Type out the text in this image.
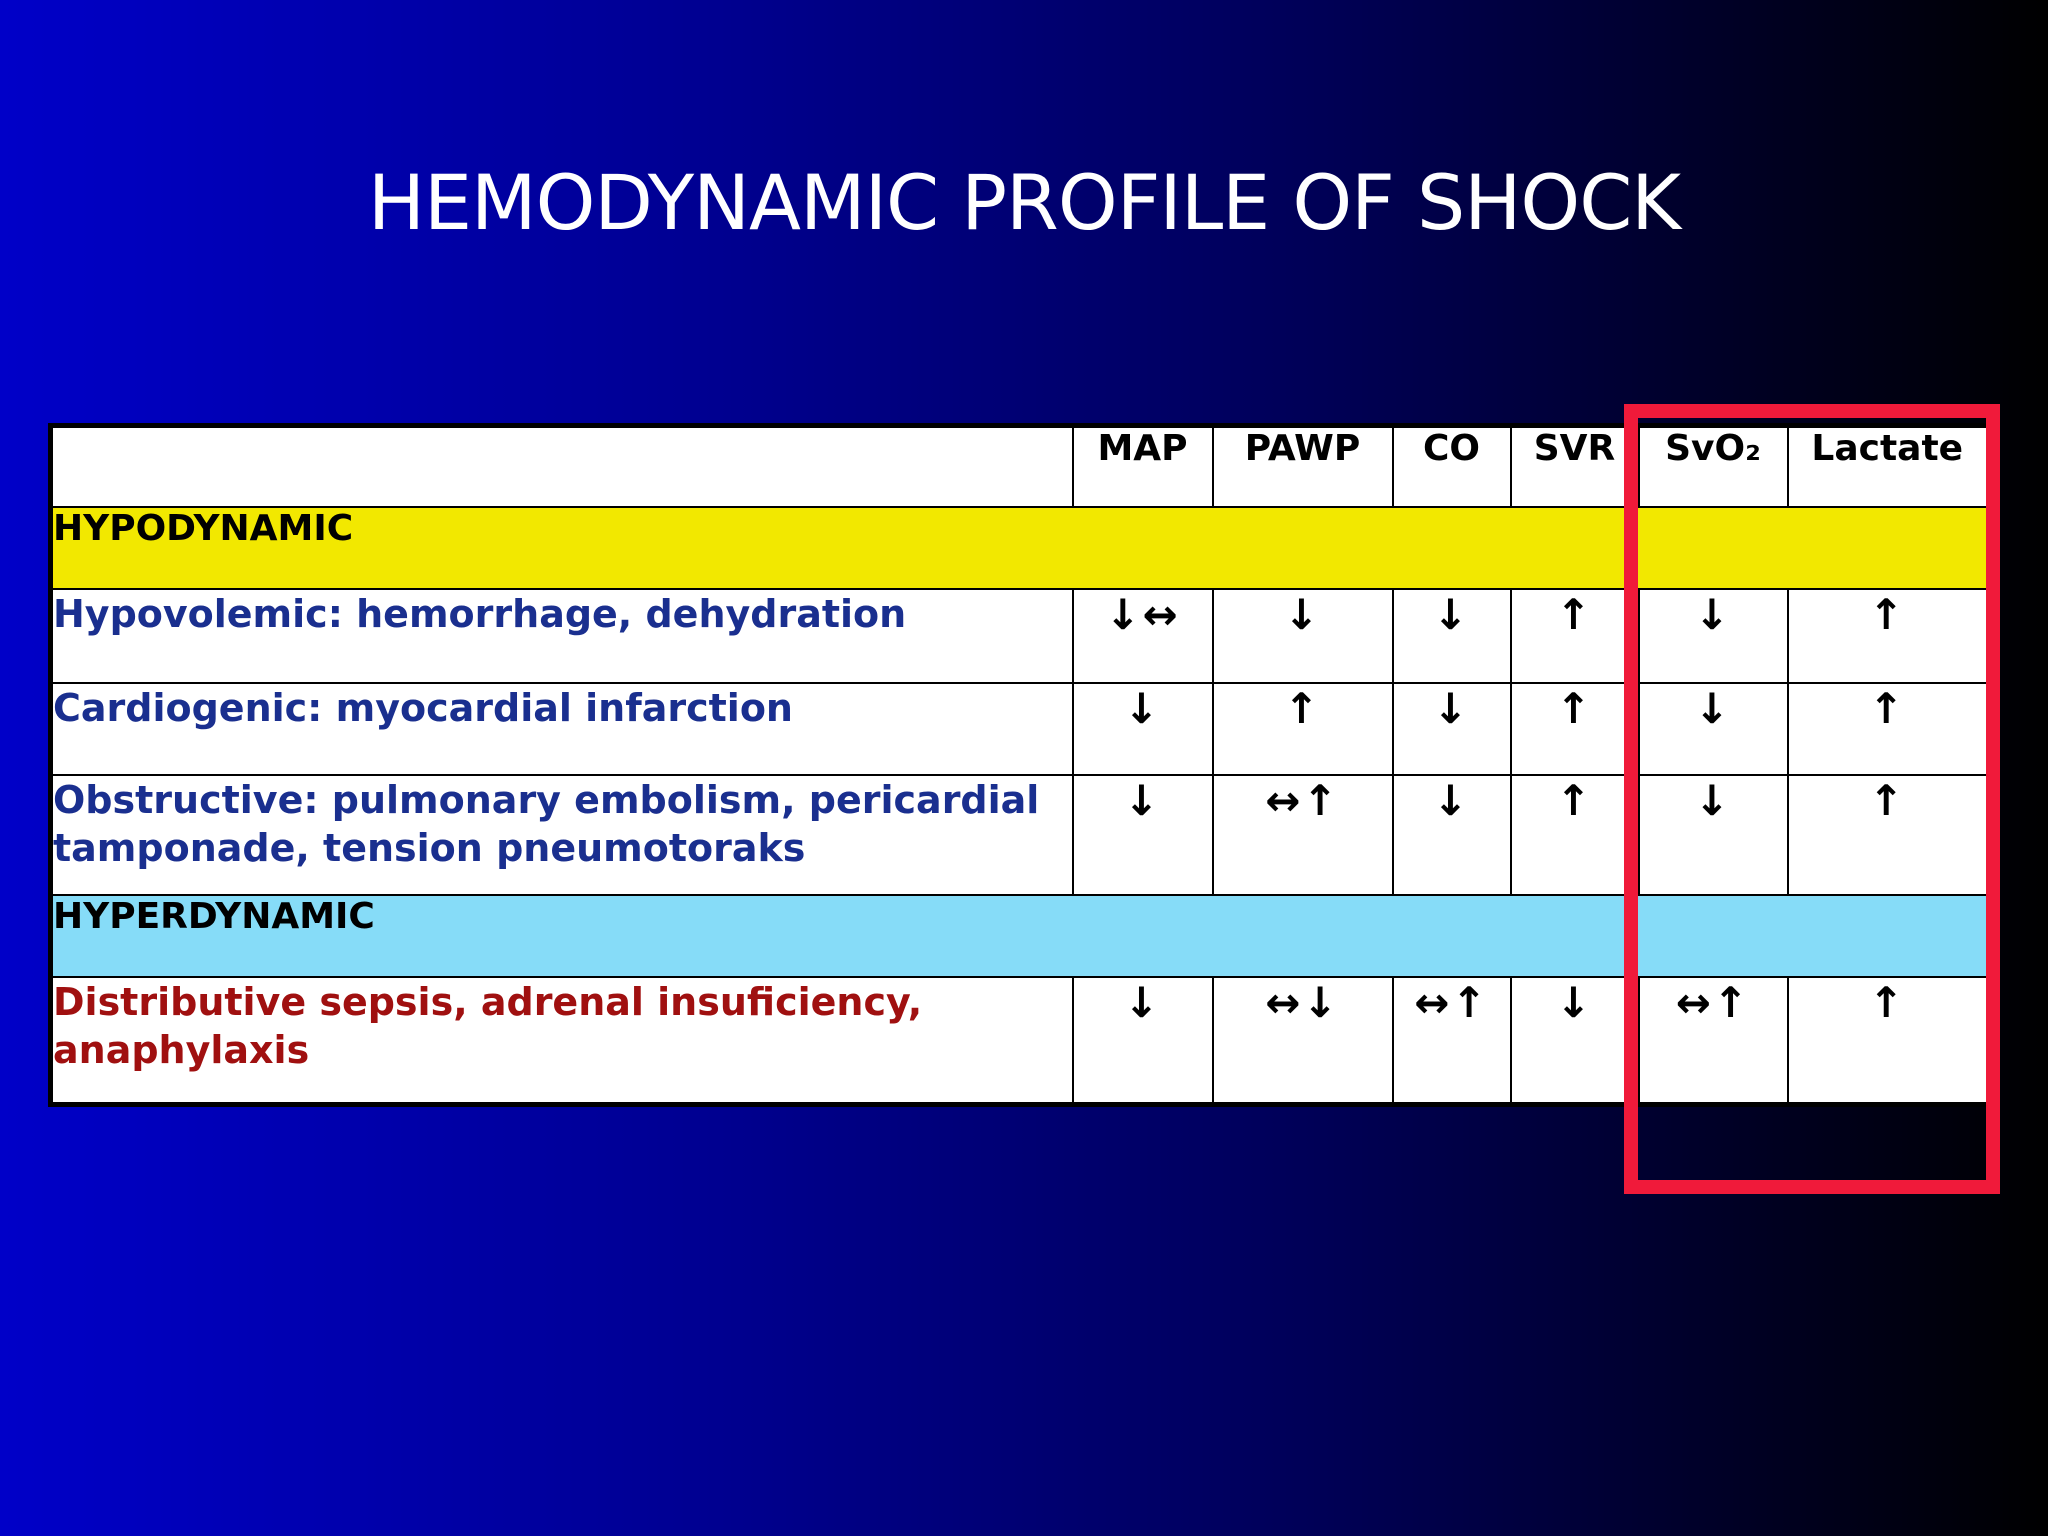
HEMODYNAMIC PROFILE OF SHOCK
	MAP	PAWP	CO	SVR	SvO₂	Lactate
HYPODYNAMIC						
Hypovolemic: hemorrhage, dehydration	↓↔	↓	↓	↑	↓	↑
Cardiogenic: myocardial infarction	↓	↑	↓	↑	↓	↑
Obstructive: pulmonary embolism, pericardial tamponade, tension pneumotoraks	↓	↔↑	↓	↑	↓	↑
HYPERDYNAMIC						
Distributive sepsis, adrenal insuficiency, anaphylaxis	↓	↔↓	↔↑	↓	↔↑	↑
